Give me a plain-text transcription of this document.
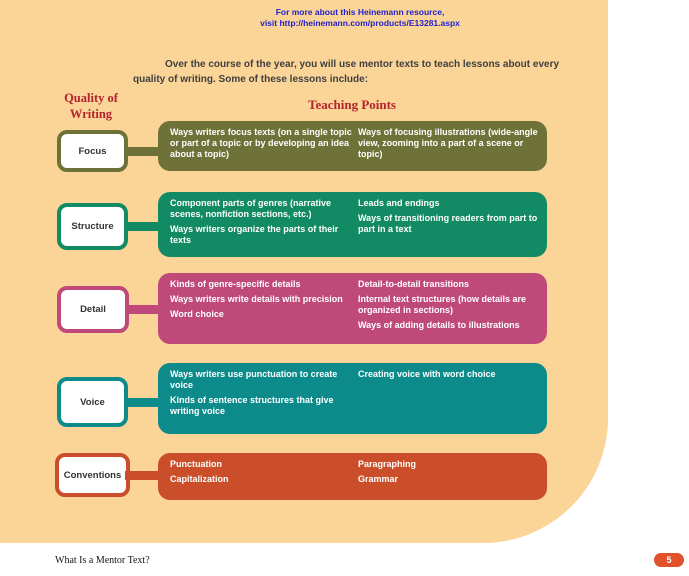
For more about this Heinemann resource,
visit http://heinemann.com/products/E13281.aspx
Over the course of the year, you will use mentor texts to teach lessons about every quality of writing. Some of these lessons include:
Quality of
Writing
Teaching Points
Focus
Ways writers focus texts (on a single topic or part of a topic or by developing an idea about a topic)
Ways of focusing illustrations (wide-angle view, zooming into a part of a scene or topic)
Structure
Component parts of genres (narrative scenes, nonfiction sections, etc.)
Ways writers organize the parts of their texts
Leads and endings
Ways of transitioning readers from part to part in a text
Detail
Kinds of genre-specific details
Ways writers write details with precision
Word choice
Detail-to-detail transitions
Internal text structures (how details are organized in sections)
Ways of adding details to illustrations
Voice
Ways writers use punctuation to create voice
Kinds of sentence structures that give writing voice
Creating voice with word choice
Conventions
Punctuation
Capitalization
Paragraphing
Grammar
What Is a Mentor Text?	5
